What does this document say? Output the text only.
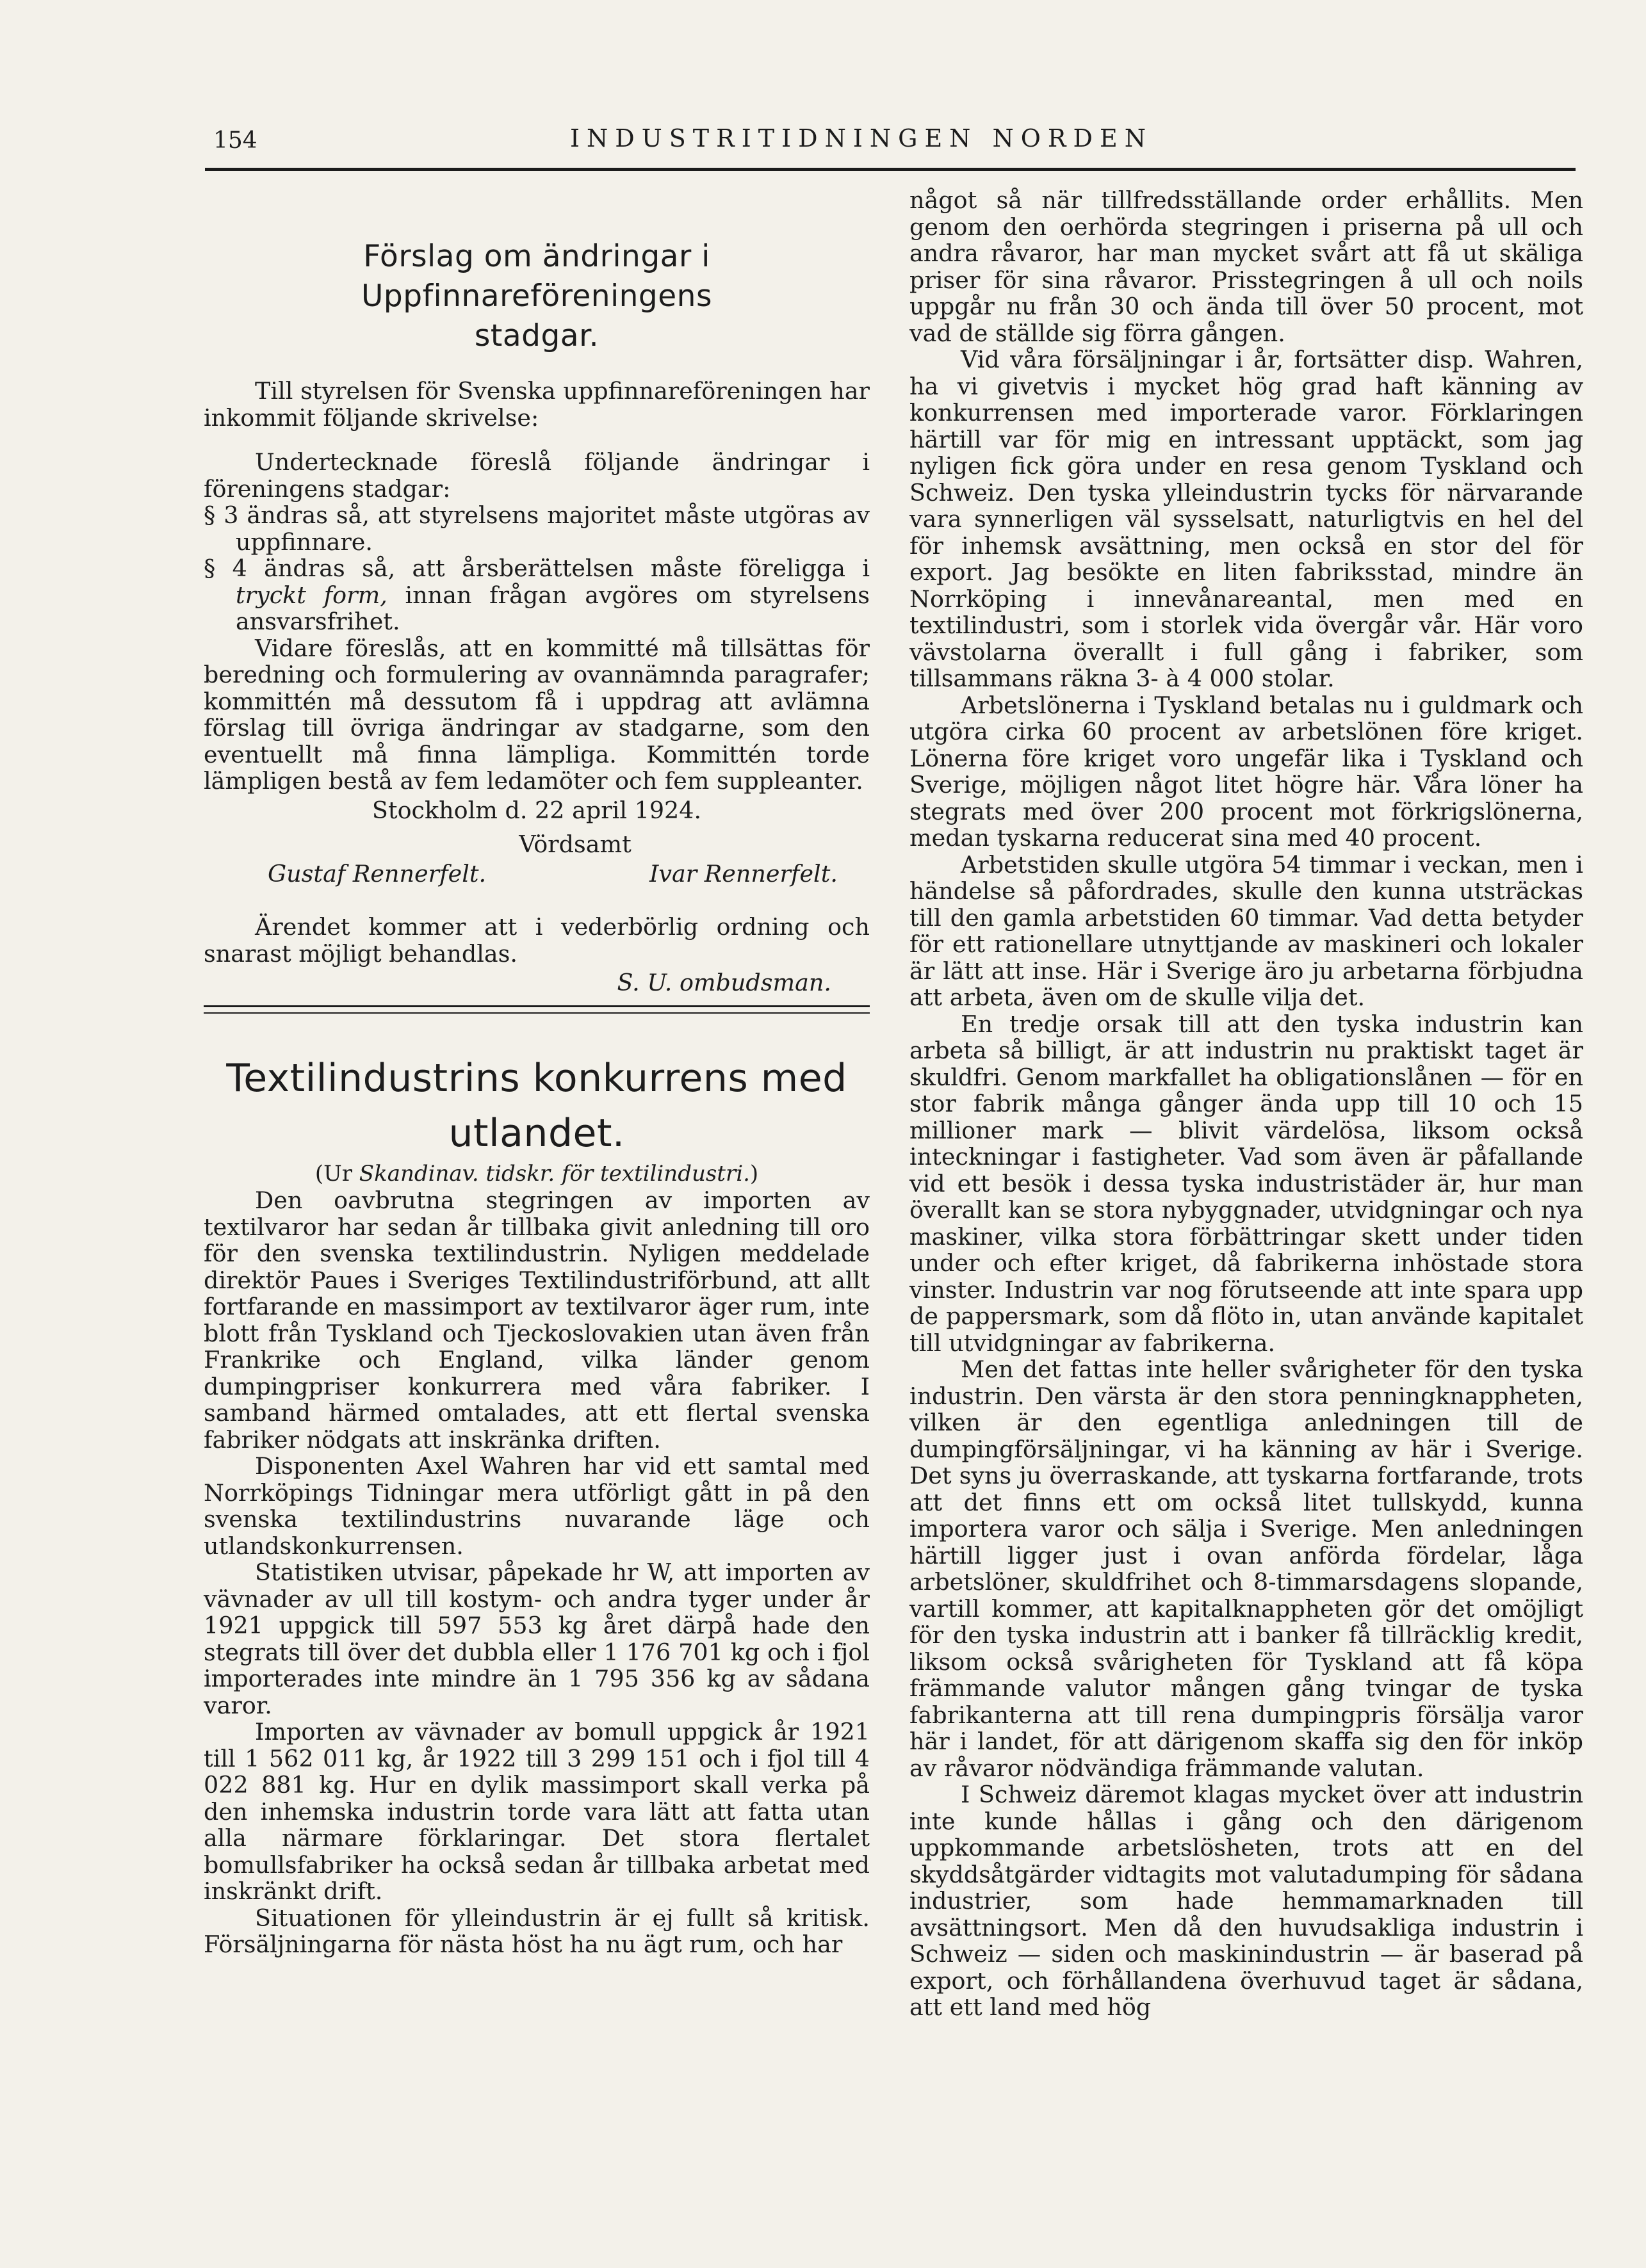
154	INDUSTRITIDNINGEN NORDEN
Förslag om ändringar i Uppfinnareföreningens
stadgar.

Till styrelsen för Svenska uppfinnareföreningen har inkommit följande skrivelse:

Undertecknade föreslå följande ändringar i föreningens stadgar:

§ 3 ändras så, att styrelsens majoritet måste utgöras av uppfinnare.

§ 4 ändras så, att årsberättelsen måste föreligga i tryckt form, innan frågan avgöres om styrelsens ansvarsfrihet.

Vidare föreslås, att en kommitté må tillsättas för beredning och formulering av ovannämnda paragrafer; kommittén må dessutom få i uppdrag att avlämna förslag till övriga ändringar av stadgarne, som den eventuellt må finna lämpliga. Kommittén torde lämpligen bestå av fem ledamöter och fem suppleanter.

Stockholm d. 22 april 1924.

Vördsamt

Gustaf Rennerfelt.	Ivar Rennerfelt.

Ärendet kommer att i vederbörlig ordning och snarast möjligt behandlas.

S. U. ombudsman.

Textilindustrins konkurrens med
utlandet.

(Ur Skandinav. tidskr. för textilindustri.)

Den oavbrutna stegringen av importen av textilvaror har sedan år tillbaka givit anledning till oro för den svenska textilindustrin. Nyligen meddelade direktör Paues i Sveriges Textilindustriförbund, att allt fortfarande en massimport av textilvaror äger rum, inte blott från Tyskland och Tjeckoslovakien utan även från Frankrike och England, vilka länder genom dumpingpriser konkurrera med våra fabriker. I samband härmed omtalades, att ett flertal svenska fabriker nödgats att inskränka driften.

Disponenten Axel Wahren har vid ett samtal med Norrköpings Tidningar mera utförligt gått in på den svenska textilindustrins nuvarande läge och utlandskonkurrensen.

Statistiken utvisar, påpekade hr W, att importen av vävnader av ull till kostym- och andra tyger under år 1921 uppgick till 597 553 kg året därpå hade den stegrats till över det dubbla eller 1 176 701 kg och i fjol importerades inte mindre än 1 795 356 kg av sådana varor.

Importen av vävnader av bomull uppgick år 1921 till 1 562 011 kg, år 1922 till 3 299 151 och i fjol till 4 022 881 kg. Hur en dylik massimport skall verka på den inhemska industrin torde vara lätt att fatta utan alla närmare förklaringar. Det stora flertalet bomullsfabriker ha också sedan år tillbaka arbetat med inskränkt drift.

Situationen för ylleindustrin är ej fullt så kritisk. Försäljningarna för nästa höst ha nu ägt rum, och har

något så när tillfredsställande order erhållits. Men genom den oerhörda stegringen i priserna på ull och andra råvaror, har man mycket svårt att få ut skäliga priser för sina råvaror. Prisstegringen å ull och noils uppgår nu från 30 och ända till över 50 procent, mot vad de ställde sig förra gången.

Vid våra försäljningar i år, fortsätter disp. Wahren, ha vi givetvis i mycket hög grad haft känning av konkurrensen med importerade varor. Förklaringen härtill var för mig en intressant upptäckt, som jag nyligen fick göra under en resa genom Tyskland och Schweiz. Den tyska ylleindustrin tycks för närvarande vara synnerligen väl sysselsatt, naturligtvis en hel del för inhemsk avsättning, men också en stor del för export. Jag besökte en liten fabriksstad, mindre än Norrköping i innevånareantal, men med en textilindustri, som i storlek vida övergår vår. Här voro vävstolarna överallt i full gång i fabriker, som tillsammans räkna 3- à 4 000 stolar.

Arbetslönerna i Tyskland betalas nu i guldmark och utgöra cirka 60 procent av arbetslönen före kriget. Lönerna före kriget voro ungefär lika i Tyskland och Sverige, möjligen något litet högre här. Våra löner ha stegrats med över 200 procent mot förkrigslönerna, medan tyskarna reducerat sina med 40 procent.

Arbetstiden skulle utgöra 54 timmar i veckan, men i händelse så påfordrades, skulle den kunna utsträckas till den gamla arbetstiden 60 timmar. Vad detta betyder för ett rationellare utnyttjande av maskineri och lokaler är lätt att inse. Här i Sverige äro ju arbetarna förbjudna att arbeta, även om de skulle vilja det.

En tredje orsak till att den tyska industrin kan arbeta så billigt, är att industrin nu praktiskt taget är skuldfri. Genom markfallet ha obligationslånen — för en stor fabrik många gånger ända upp till 10 och 15 millioner mark — blivit värdelösa, liksom också inteckningar i fastigheter. Vad som även är påfallande vid ett besök i dessa tyska industristäder är, hur man överallt kan se stora nybyggnader, utvidgningar och nya maskiner, vilka stora förbättringar skett under tiden under och efter kriget, då fabrikerna inhöstade stora vinster. Industrin var nog förutseende att inte spara upp de pappersmark, som då flöto in, utan använde kapitalet till utvidgningar av fabrikerna.

Men det fattas inte heller svårigheter för den tyska industrin. Den värsta är den stora penningknappheten, vilken är den egentliga anledningen till de dumpingförsäljningar, vi ha känning av här i Sverige. Det syns ju överraskande, att tyskarna fortfarande, trots att det finns ett om också litet tullskydd, kunna importera varor och sälja i Sverige. Men anledningen härtill ligger just i ovan anförda fördelar, låga arbetslöner, skuldfrihet och 8-timmarsdagens slopande, vartill kommer, att kapitalknappheten gör det omöjligt för den tyska industrin att i banker få tillräcklig kredit, liksom också svårigheten för Tyskland att få köpa främmande valutor mången gång tvingar de tyska fabrikanterna att till rena dumpingpris försälja varor här i landet, för att därigenom skaffa sig den för inköp av råvaror nödvändiga främmande valutan.

I Schweiz däremot klagas mycket över att industrin inte kunde hållas i gång och den därigenom uppkommande arbetslösheten, trots att en del skyddsåtgärder vidtagits mot valutadumping för sådana industrier, som hade hemmamarknaden till avsättningsort. Men då den huvudsakliga industrin i Schweiz — siden och maskinindustrin — är baserad på export, och förhållandena överhuvud taget är sådana, att ett land med hög
